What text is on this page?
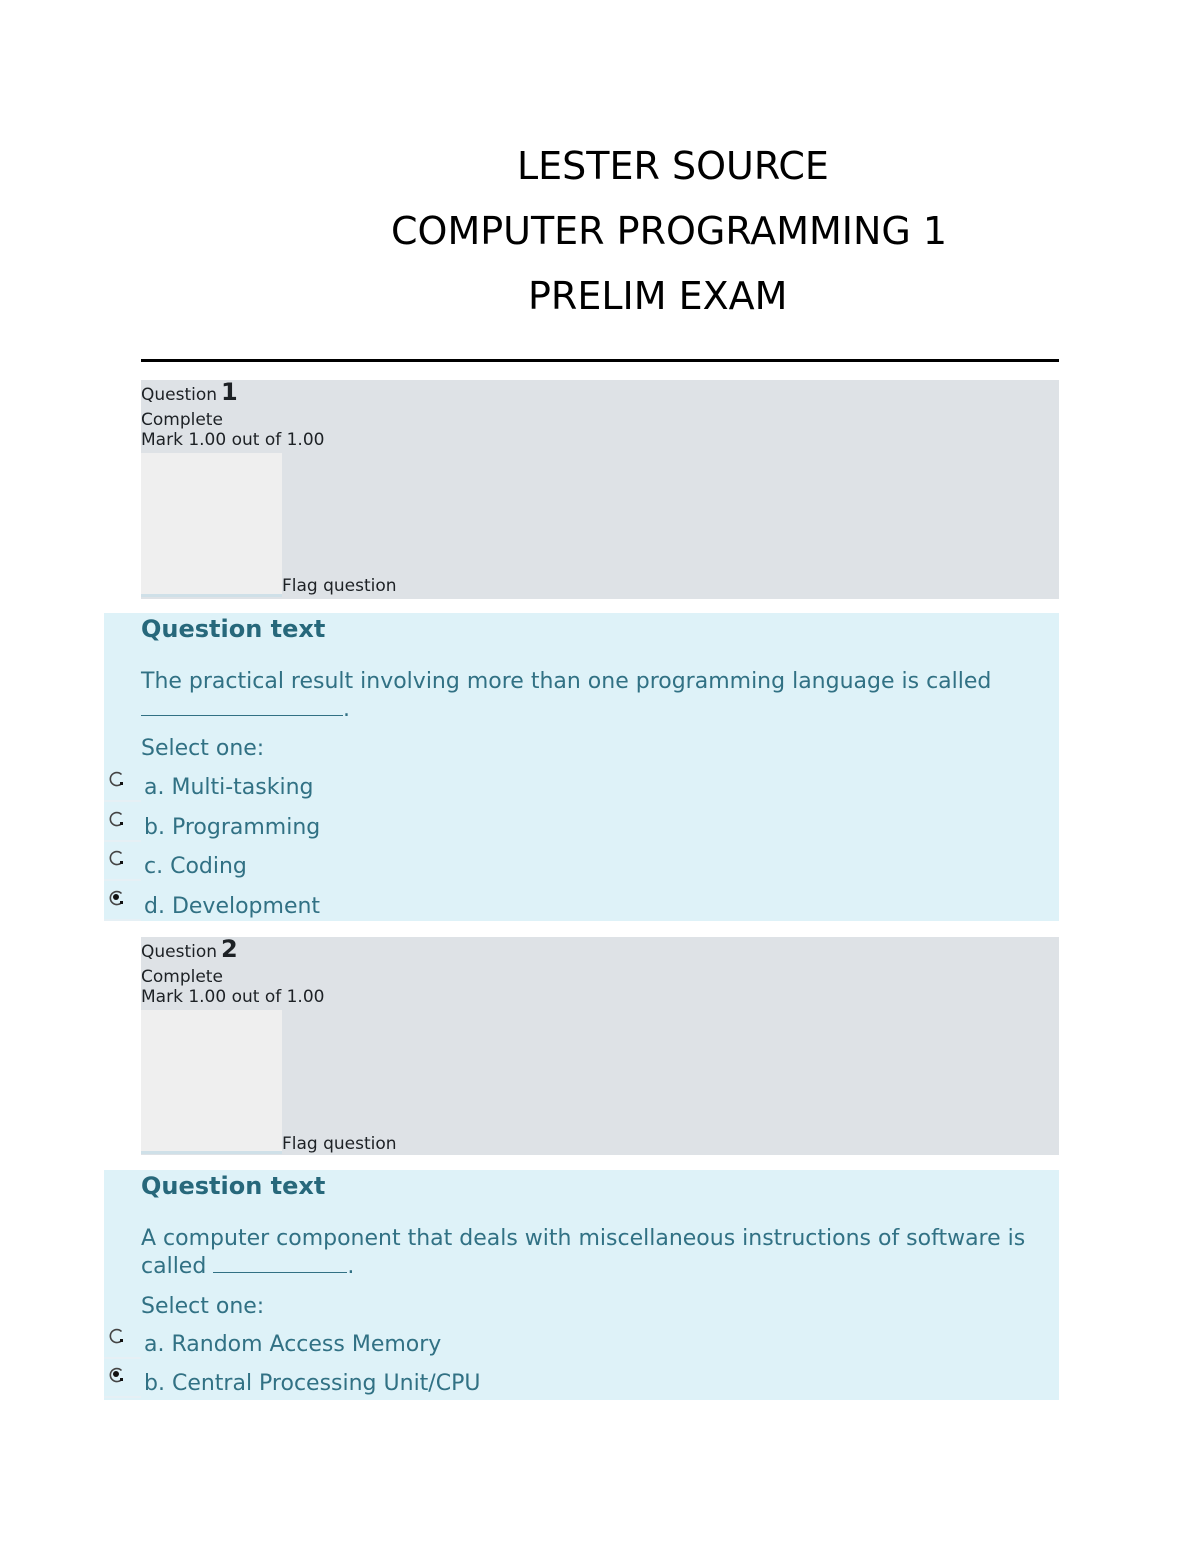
LESTER SOURCE
COMPUTER PROGRAMMING 1
PRELIM EXAM
Question 1
Complete
Mark 1.00 out of 1.00
Flag question
Question text
The practical result involving more than one programming language is called .
Select one:
a. Multi-tasking
b. Programming
c. Coding
d. Development
Question 2
Complete
Mark 1.00 out of 1.00
Flag question
Question text
A computer component that deals with miscellaneous instructions of software is called	.
Select one:
a. Random Access Memory
b. Central Processing Unit/CPU
